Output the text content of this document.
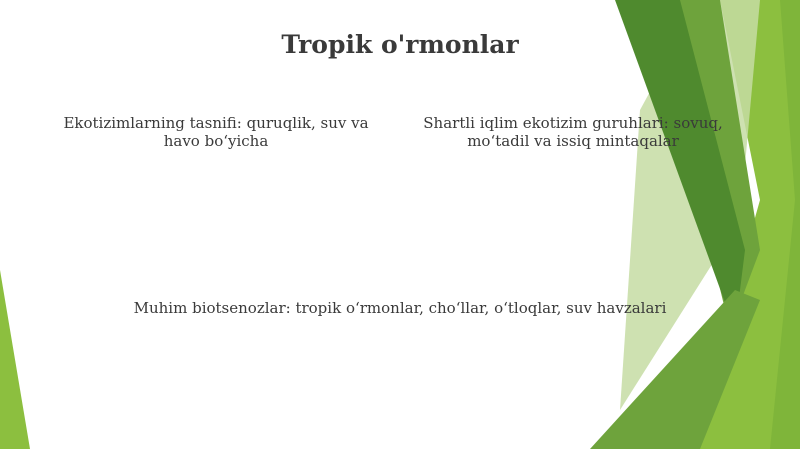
Tropik o'rmonlar
Ekotizimlarning tasnifi: quruqlik, suv va havo bo‘yicha
Shartli iqlim ekotizim guruhlari: sovuq, mo‘tadil va issiq mintaqalar
Muhim biotsenozlar: tropik o‘rmonlar, cho‘llar, o‘tloqlar, suv havzalari
